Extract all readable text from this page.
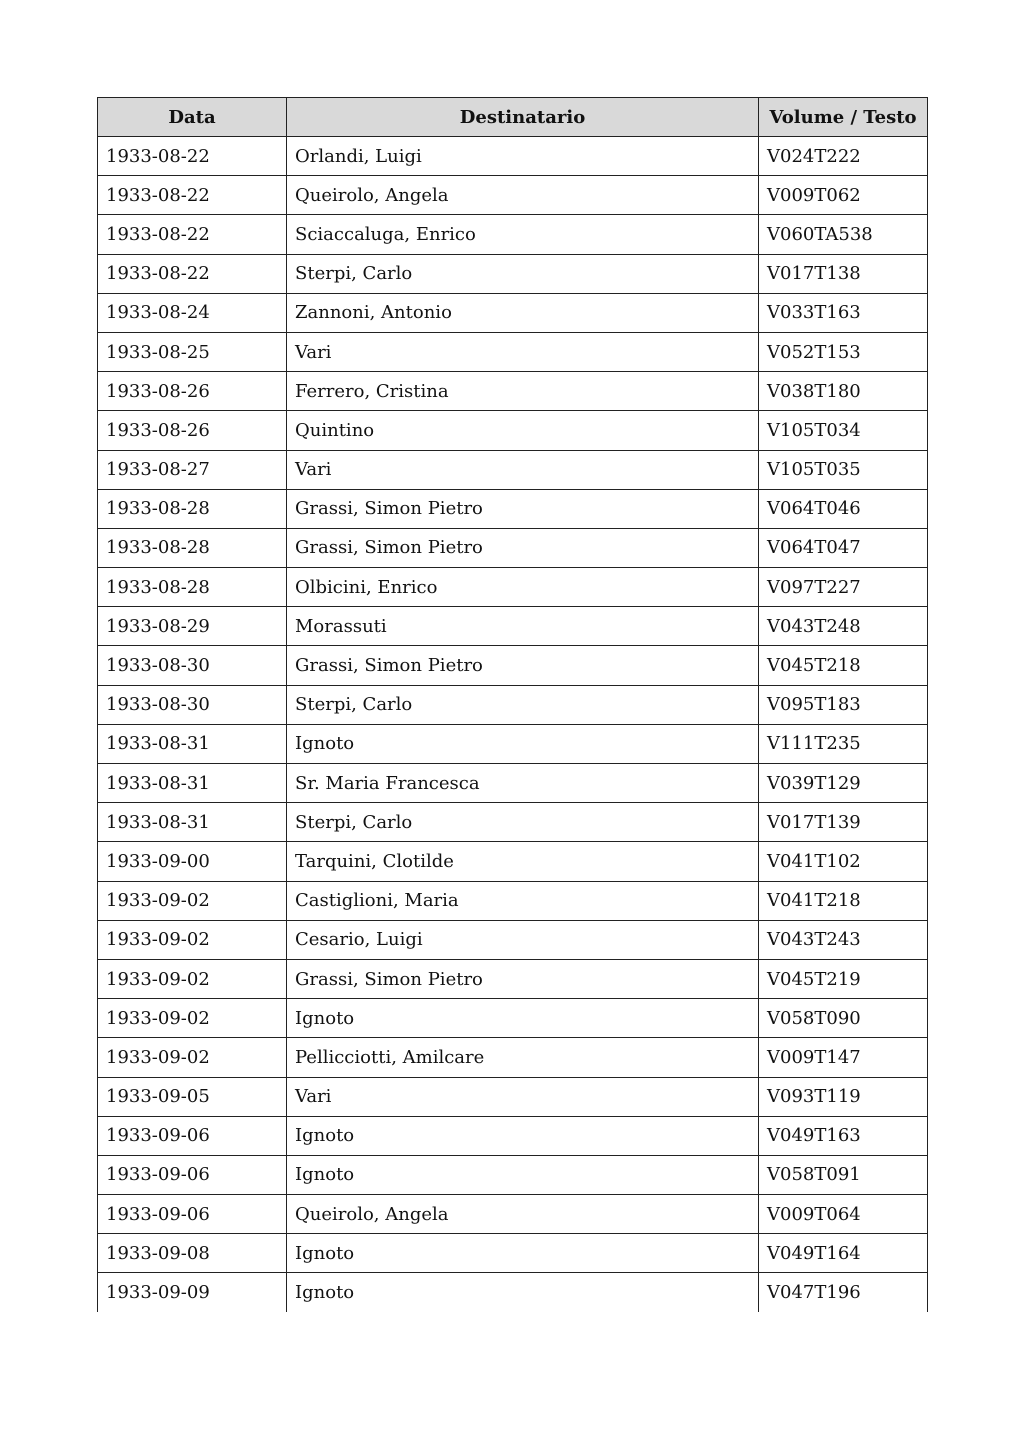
Data	Destinatario	Volume / Testo
1933-08-22	Orlandi, Luigi	V024T222
1933-08-22	Queirolo, Angela	V009T062
1933-08-22	Sciaccaluga, Enrico	V060TA538
1933-08-22	Sterpi, Carlo	V017T138
1933-08-24	Zannoni, Antonio	V033T163
1933-08-25	Vari	V052T153
1933-08-26	Ferrero, Cristina	V038T180
1933-08-26	Quintino	V105T034
1933-08-27	Vari	V105T035
1933-08-28	Grassi, Simon Pietro	V064T046
1933-08-28	Grassi, Simon Pietro	V064T047
1933-08-28	Olbicini, Enrico	V097T227
1933-08-29	Morassuti	V043T248
1933-08-30	Grassi, Simon Pietro	V045T218
1933-08-30	Sterpi, Carlo	V095T183
1933-08-31	Ignoto	V111T235
1933-08-31	Sr. Maria Francesca	V039T129
1933-08-31	Sterpi, Carlo	V017T139
1933-09-00	Tarquini, Clotilde	V041T102
1933-09-02	Castiglioni, Maria	V041T218
1933-09-02	Cesario, Luigi	V043T243
1933-09-02	Grassi, Simon Pietro	V045T219
1933-09-02	Ignoto	V058T090
1933-09-02	Pellicciotti, Amilcare	V009T147
1933-09-05	Vari	V093T119
1933-09-06	Ignoto	V049T163
1933-09-06	Ignoto	V058T091
1933-09-06	Queirolo, Angela	V009T064
1933-09-08	Ignoto	V049T164
1933-09-09	Ignoto	V047T196
